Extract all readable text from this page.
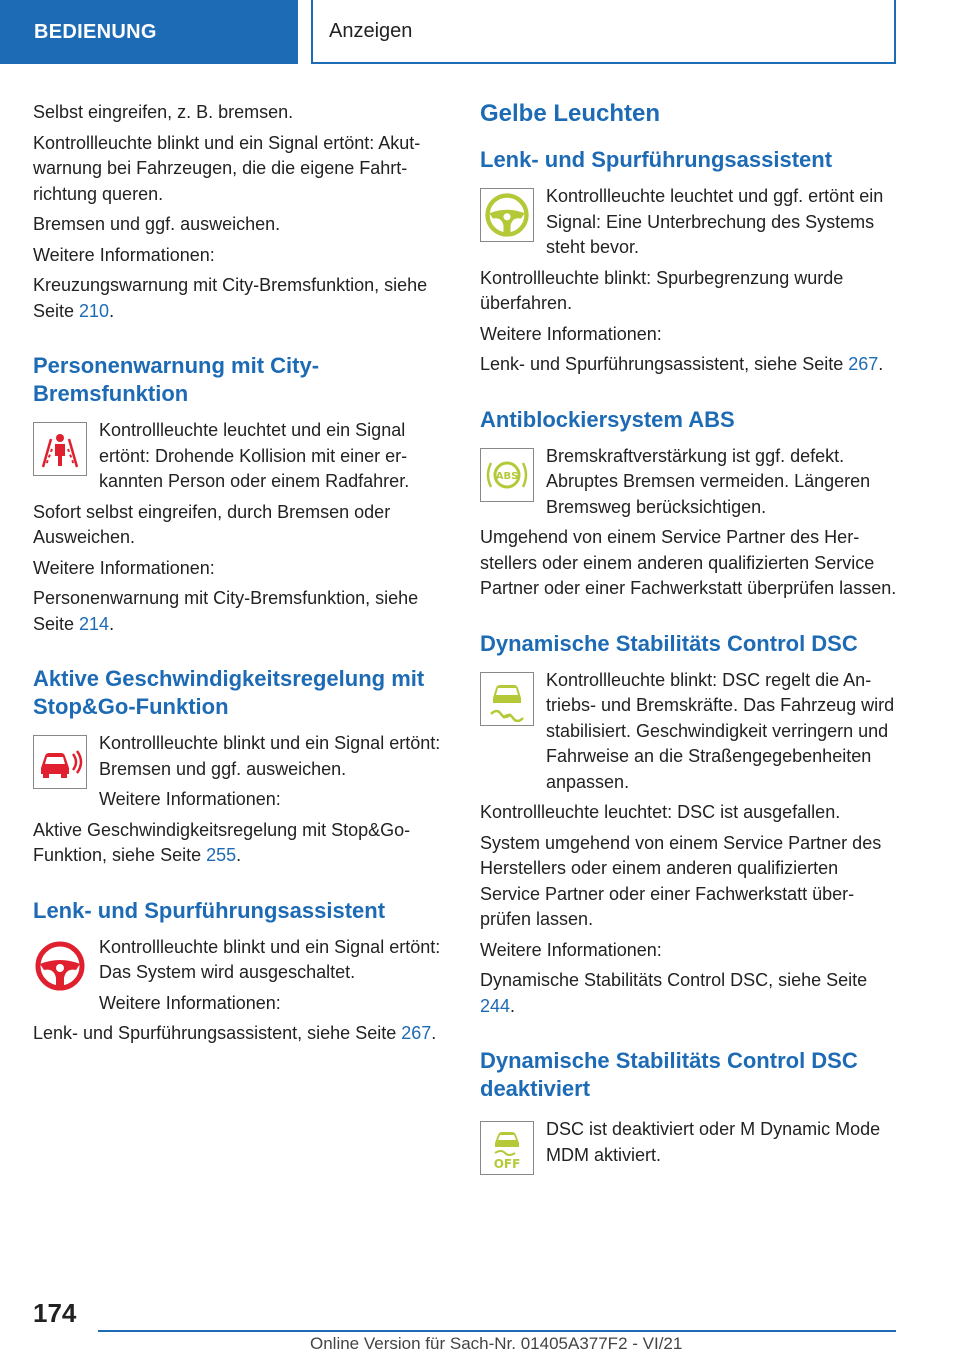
BEDIENUNG	Anzeigen

Selbst eingreifen, z. B. bremsen.

Kontrollleuchte blinkt und ein Signal ertönt: Akutwarnung bei Fahrzeugen, die die eigene Fahrtrichtung queren.

Bremsen und ggf. ausweichen.

Weitere Informationen:

Kreuzungswarnung mit City-Bremsfunktion, siehe Seite 210.

Personenwarnung mit City-Bremsfunktion

Kontrollleuchte leuchtet und ein Signal ertönt: Drohende Kollision mit einer erkannten Person oder einem Radfahrer.

Sofort selbst eingreifen, durch Bremsen oder Ausweichen.

Weitere Informationen:

Personenwarnung mit City-Bremsfunktion, siehe Seite 214.

Aktive Geschwindigkeitsregelung mit Stop&Go-Funktion

Kontrollleuchte blinkt und ein Signal ertönt: Bremsen und ggf. ausweichen.

Weitere Informationen:

Aktive Geschwindigkeitsregelung mit Stop&Go-Funktion, siehe Seite 255.

Lenk- und Spurführungsassistent

Kontrollleuchte blinkt und ein Signal ertönt: Das System wird ausgeschaltet.

Weitere Informationen:

Lenk- und Spurführungsassistent, siehe Seite 267.

Gelbe Leuchten
Lenk- und Spurführungsassistent

Kontrollleuchte leuchtet und ggf. ertönt ein Signal: Eine Unterbrechung des Systems steht bevor.

Kontrollleuchte blinkt: Spurbegrenzung wurde überfahren.

Weitere Informationen:

Lenk- und Spurführungsassistent, siehe Seite 267.

Antiblockiersystem ABS
ABS

Bremskraftverstärkung ist ggf. defekt. Abruptes Bremsen vermeiden. Längeren Bremsweg berücksichtigen.

Umgehend von einem Service Partner des Herstellers oder einem anderen qualifizierten Service Partner oder einer Fachwerkstatt überprüfen lassen.

Dynamische Stabilitäts Control DSC

Kontrollleuchte blinkt: DSC regelt die Antriebs- und Bremskräfte. Das Fahrzeug wird stabilisiert. Geschwindigkeit verringern und Fahrweise an die Straßengegebenheiten anpassen.

Kontrollleuchte leuchtet: DSC ist ausgefallen.

System umgehend von einem Service Partner des Herstellers oder einem anderen qualifizierten Service Partner oder einer Fachwerkstatt überprüfen lassen.

Weitere Informationen:

Dynamische Stabilitäts Control DSC, siehe Seite 244.

Dynamische Stabilitäts Control DSC deaktiviert
OFF

DSC ist deaktiviert oder M Dynamic Mode MDM aktiviert.

174
Online Version für Sach-Nr. 01405A377F2 - VI/21
